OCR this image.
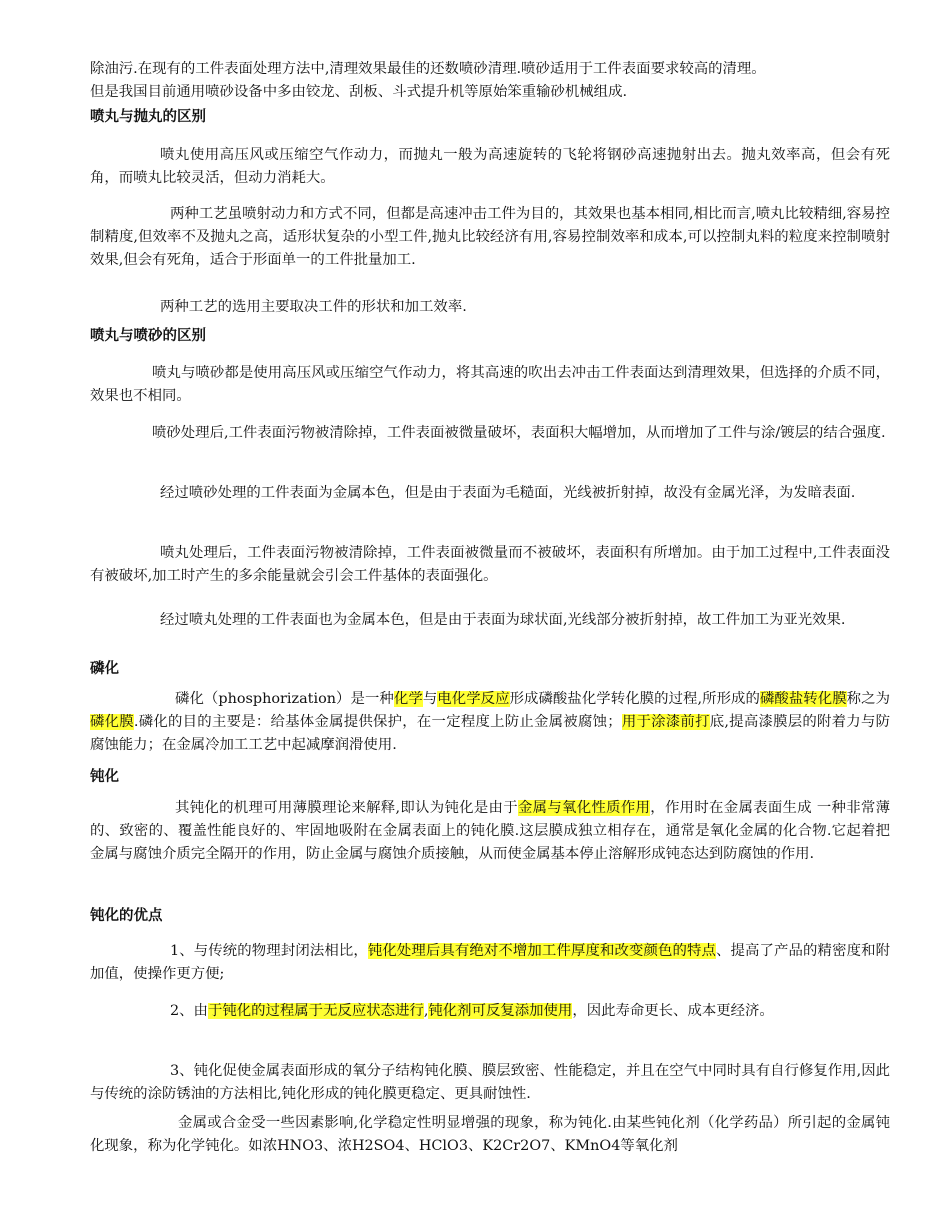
除油污.在现有的工件表面处理方法中,清理效果最佳的还数喷砂清理.喷砂适用于工件表面要求较高的清理。
但是我国目前通用喷砂设备中多由铰龙、刮板、斗式提升机等原始笨重输砂机械组成.

喷丸与抛丸的区别

喷丸使用高压风或压缩空气作动力，而抛丸一般为高速旋转的飞轮将钢砂高速抛射出去。抛丸效率高，但会有死角，而喷丸比较灵活，但动力消耗大。

两种工艺虽喷射动力和方式不同，但都是高速冲击工件为目的，其效果也基本相同,相比而言,喷丸比较精细,容易控制精度,但效率不及抛丸之高，适形状复杂的小型工件,抛丸比较经济有用,容易控制效率和成本,可以控制丸料的粒度来控制喷射效果,但会有死角，适合于形面单一的工件批量加工.

两种工艺的选用主要取决工件的形状和加工效率.

喷丸与喷砂的区别

喷丸与喷砂都是使用高压风或压缩空气作动力，将其高速的吹出去冲击工件表面达到清理效果，但选择的介质不同，效果也不相同。

喷砂处理后,工件表面污物被清除掉，工件表面被微量破坏，表面积大幅增加，从而增加了工件与涂/镀层的结合强度.

经过喷砂处理的工件表面为金属本色，但是由于表面为毛糙面，光线被折射掉，故没有金属光泽，为发暗表面.

喷丸处理后，工件表面污物被清除掉，工件表面被微量而不被破坏，表面积有所增加。由于加工过程中,工件表面没有被破坏,加工时产生的多余能量就会引会工件基体的表面强化。

经过喷丸处理的工件表面也为金属本色，但是由于表面为球状面,光线部分被折射掉，故工件加工为亚光效果.

磷化

磷化（phosphorization）是一种化学与电化学反应形成磷酸盐化学转化膜的过程,所形成的磷酸盐转化膜称之为磷化膜.磷化的目的主要是：给基体金属提供保护，在一定程度上防止金属被腐蚀；用于涂漆前打底,提高漆膜层的附着力与防腐蚀能力；在金属冷加工工艺中起减摩润滑使用.

钝化

其钝化的机理可用薄膜理论来解释,即认为钝化是由于金属与氧化性质作用，作用时在金属表面生成 一种非常薄的、致密的、覆盖性能良好的、牢固地吸附在金属表面上的钝化膜.这层膜成独立相存在，通常是氧化金属的化合物.它起着把金属与腐蚀介质完全隔开的作用，防止金属与腐蚀介质接触，从而使金属基本停止溶解形成钝态达到防腐蚀的作用.

钝化的优点

1、与传统的物理封闭法相比，钝化处理后具有绝对不增加工件厚度和改变颜色的特点、提高了产品的精密度和附加值，使操作更方便;

2、由于钝化的过程属于无反应状态进行,钝化剂可反复添加使用，因此寿命更长、成本更经济。

3、钝化促使金属表面形成的氧分子结构钝化膜、膜层致密、性能稳定，并且在空气中同时具有自行修复作用,因此与传统的涂防锈油的方法相比,钝化形成的钝化膜更稳定、更具耐蚀性.

金属或合金受一些因素影响,化学稳定性明显增强的现象，称为钝化.由某些钝化剂（化学药品）所引起的金属钝化现象，称为化学钝化。如浓HNO3、浓H2SO4、HClO3、K2Cr2O7、KMnO4等氧化剂
